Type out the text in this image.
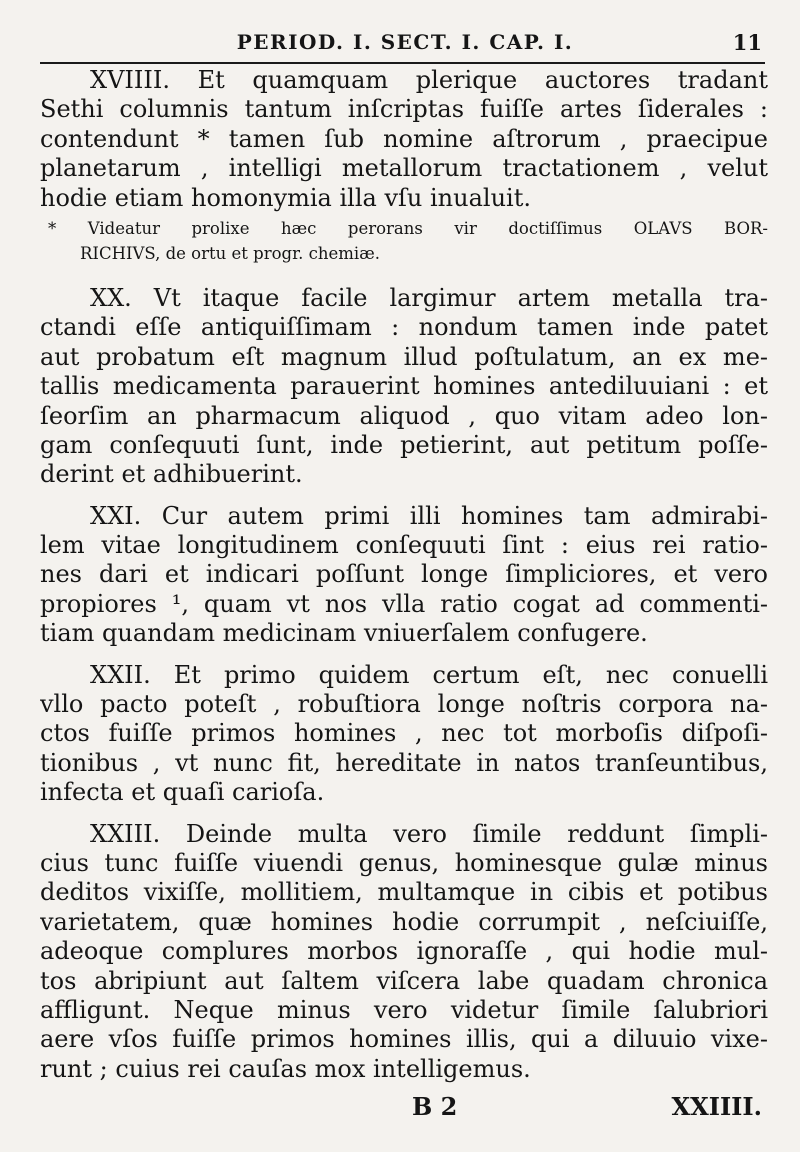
PERIOD. I. SECT. I. CAP. I.	11
XVIIII. Et quamquam plerique auctores tradant
Sethi columnis tantum inſcriptas fuiſſe artes ſiderales :
contendunt * tamen ſub nomine aſtrorum , praecipue
planetarum , intelligi metallorum tractationem , velut
hodie etiam homonymia illa vſu inualuit.
* Videatur prolixe hæc perorans vir doctiſſimus OLAVS BOR-
RICHIVS, de ortu et progr. chemiæ.
XX. Vt itaque facile largimur artem metalla tra-
ctandi eſſe antiquiſſimam : nondum tamen inde patet
aut probatum eſt magnum illud poſtulatum, an ex me-
tallis medicamenta parauerint homines antediluuiani : et
ſeorſim an pharmacum aliquod , quo vitam adeo lon-
gam conſequuti ſunt, inde petierint, aut petitum poſſe-
derint et adhibuerint.
XXI. Cur autem primi illi homines tam admirabi-
lem vitae longitudinem conſequuti ſint : eius rei ratio-
nes dari et indicari poſſunt longe ſimpliciores, et vero
propiores ¹, quam vt nos vlla ratio cogat ad commenti-
tiam quandam medicinam vniuerſalem confugere.
XXII. Et primo quidem certum eſt, nec conuelli
vllo pacto poteſt , robuſtiora longe noſtris corpora na-
ctos fuiſſe primos homines , nec tot morboſis diſpoſi-
tionibus , vt nunc fit, hereditate in natos tranſeuntibus,
infecta et quaſi carioſa.
XXIII. Deinde multa vero ſimile reddunt ſimpli-
cius tunc fuiſſe viuendi genus, hominesque gulæ minus
deditos vixiſſe, mollitiem, multamque in cibis et potibus
varietatem, quæ homines hodie corrumpit , neſciuiſſe,
adeoque complures morbos ignoraſſe , qui hodie mul-
tos abripiunt aut ſaltem viſcera labe quadam chronica
affligunt. Neque minus vero videtur ſimile ſalubriori
aere vſos fuiſſe primos homines illis, qui a diluuio vixe-
runt ; cuius rei cauſas mox intelligemus.
B 2	XXIIII.
